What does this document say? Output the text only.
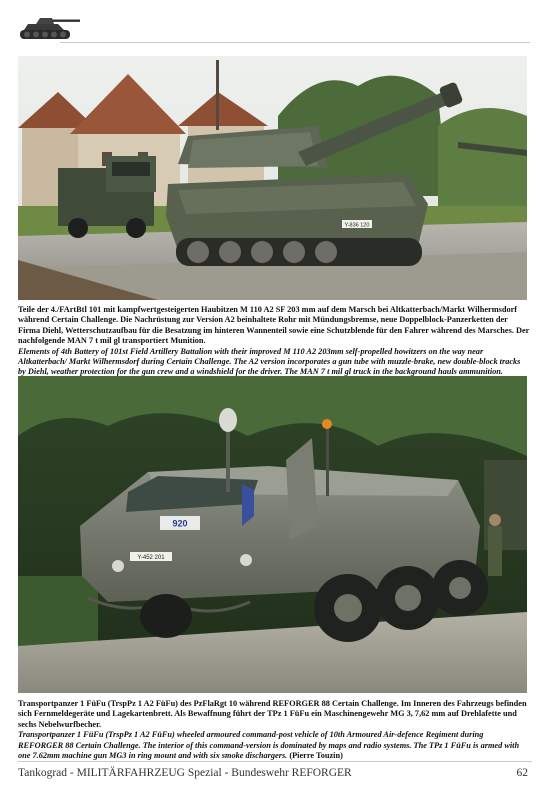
Y-836 120

Teile der 4./FArtBtl 101 mit kampfwertgesteigerten Haubitzen M 110 A2 SF 203 mm auf dem Marsch bei Altkatterbach/Markt Wilhermsdorf während Certain Challenge. Die Nachrüstung zur Version A2 beinhaltete Rohr mit Mündungsbremse, neue Doppelblock-Panzerketten der Firma Diehl, Wetterschutzaufbau für die Besatzung im hinteren Wannenteil sowie eine Schutzblende für den Fahrer während des Marsches. Der nachfolgende MAN 7 t mil gl transportiert Munition.

Elements of 4th Battery of 101st Field Artillery Battalion with their improved M 110 A2 203mm self-propelled howitzers on the way near Altkatterbach/ Markt Wilhermsdorf during Certain Challenge. The A2 version incorporates a gun tube with muzzle-brake, new double-block tracks by Diehl, weather protection for the gun crew and a windshield for the driver. The MAN 7 t mil gl truck in the background hauls ammunition.

920
Y-452 201

Transportpanzer 1 FüFu (TrspPz 1 A2 FüFu) des PzFlaRgt 10 während REFORGER 88 Certain Challenge. Im Inneren des Fahrzeugs befinden sich Fernmeldegeräte und Lagekartenbrett. Als Bewaffnung führt der TPz 1 FüFu ein Maschinengewehr MG 3, 7,62 mm auf Drehlafette und sechs Nebelwurfbecher.

Transportpanzer 1 FüFu (TrspPz 1 A2 FüFu) wheeled armoured command-post vehicle of 10th Armoured Air-defence Regiment during REFORGER 88 Certain Challenge. The interior of this command-version is dominated by maps and radio systems. The TPz 1 FüFu is armed with one 7.62mm machine gun MG3 in ring mount and with six smoke dischargers. (Pierre Touzin)

Tankograd - MILITÄRFAHRZEUG Spezial - Bundeswehr REFORGER	62
